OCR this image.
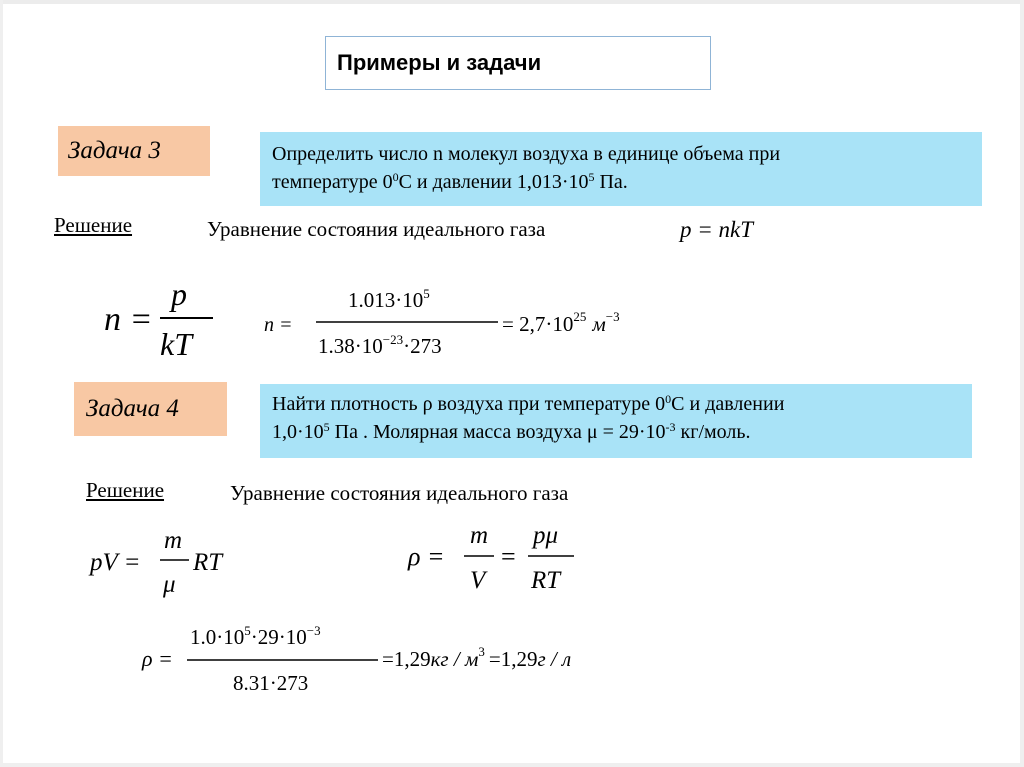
Примеры и задачи
Задача 3	Определить число n молекул воздуха в единице объема при
температуре $0^0С$ и давлении $1,013\cdot 10^5$ Па.
Решение	Уравнение состояния идеального газа	p = nkT
n =
p
kT
n =
$1.013\cdot 10^5$
$1.38\cdot 10^{-23}\cdot 273$
= $2,7\cdot 10^{25}$ $м^{-3}$
pV =
m
μ
RT	ρ =
m
V
=
pμ
RT
ρ =
$1.0\cdot 10^5\cdot 29\cdot 10^{-3}$
8.31·273
$=1,29кг / м^3 =1,29г / л$
Задача 4	Найти плотность ρ воздуха при температуре $0^0С$ и давлении
$1,0\cdot 10^5$ Па . Молярная масса воздуха $\mu = 29\cdot 10^{-3}$ кг/моль.
Решение	Уравнение состояния идеального газа
